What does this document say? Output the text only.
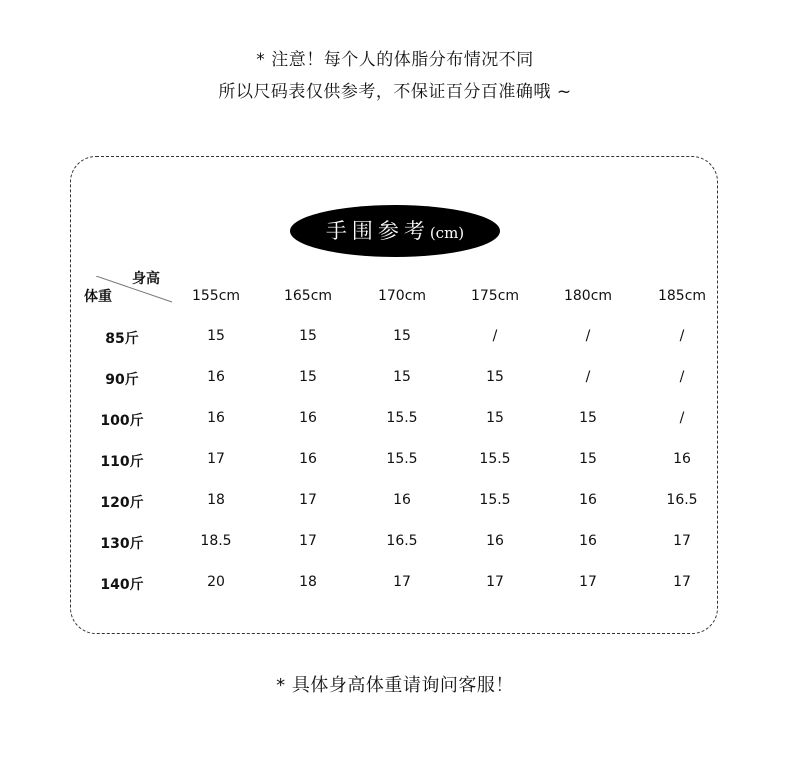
* 注意！每个人的体脂分布情况不同
所以尺码表仅供参考，不保证百分百准确哦 ~
手围参考(cm)
身高
体重	155cm	165cm	170cm	175cm	180cm	185cm
85斤	15	15	15	/	/	/
90斤	16	15	15	15	/	/
100斤	16	16	15.5	15	15	/
110斤	17	16	15.5	15.5	15	16
120斤	18	17	16	15.5	16	16.5
130斤	18.5	17	16.5	16	16	17
140斤	20	18	17	17	17	17
* 具体身高体重请询问客服！
